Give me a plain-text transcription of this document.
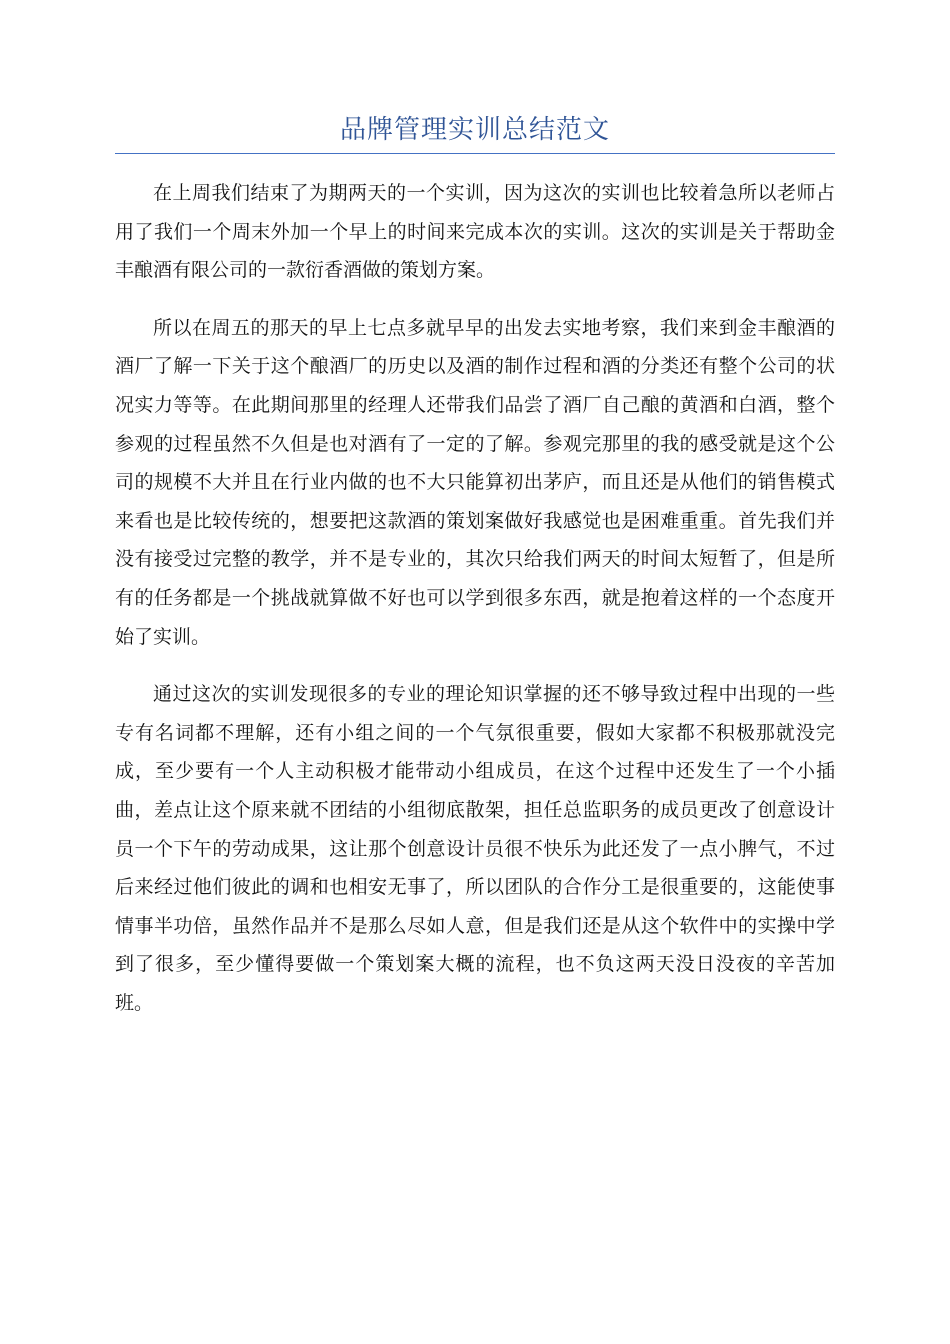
品牌管理实训总结范文

在上周我们结束了为期两天的一个实训，因为这次的实训也比较着急所以老师占用了我们一个周末外加一个早上的时间来完成本次的实训。这次的实训是关于帮助金丰酿酒有限公司的一款衍香酒做的策划方案。

所以在周五的那天的早上七点多就早早的出发去实地考察，我们来到金丰酿酒的酒厂了解一下关于这个酿酒厂的历史以及酒的制作过程和酒的分类还有整个公司的状况实力等等。在此期间那里的经理人还带我们品尝了酒厂自己酿的黄酒和白酒，整个参观的过程虽然不久但是也对酒有了一定的了解。参观完那里的我的感受就是这个公司的规模不大并且在行业内做的也不大只能算初出茅庐，而且还是从他们的销售模式来看也是比较传统的，想要把这款酒的策划案做好我感觉也是困难重重。首先我们并没有接受过完整的教学，并不是专业的，其次只给我们两天的时间太短暂了，但是所有的任务都是一个挑战就算做不好也可以学到很多东西，就是抱着这样的一个态度开始了实训。

通过这次的实训发现很多的专业的理论知识掌握的还不够导致过程中出现的一些专有名词都不理解，还有小组之间的一个气氛很重要，假如大家都不积极那就没完成，至少要有一个人主动积极才能带动小组成员，在这个过程中还发生了一个小插曲，差点让这个原来就不团结的小组彻底散架，担任总监职务的成员更改了创意设计员一个下午的劳动成果，这让那个创意设计员很不快乐为此还发了一点小脾气，不过后来经过他们彼此的调和也相安无事了，所以团队的合作分工是很重要的，这能使事情事半功倍，虽然作品并不是那么尽如人意，但是我们还是从这个软件中的实操中学到了很多，至少懂得要做一个策划案大概的流程，也不负这两天没日没夜的辛苦加班。
